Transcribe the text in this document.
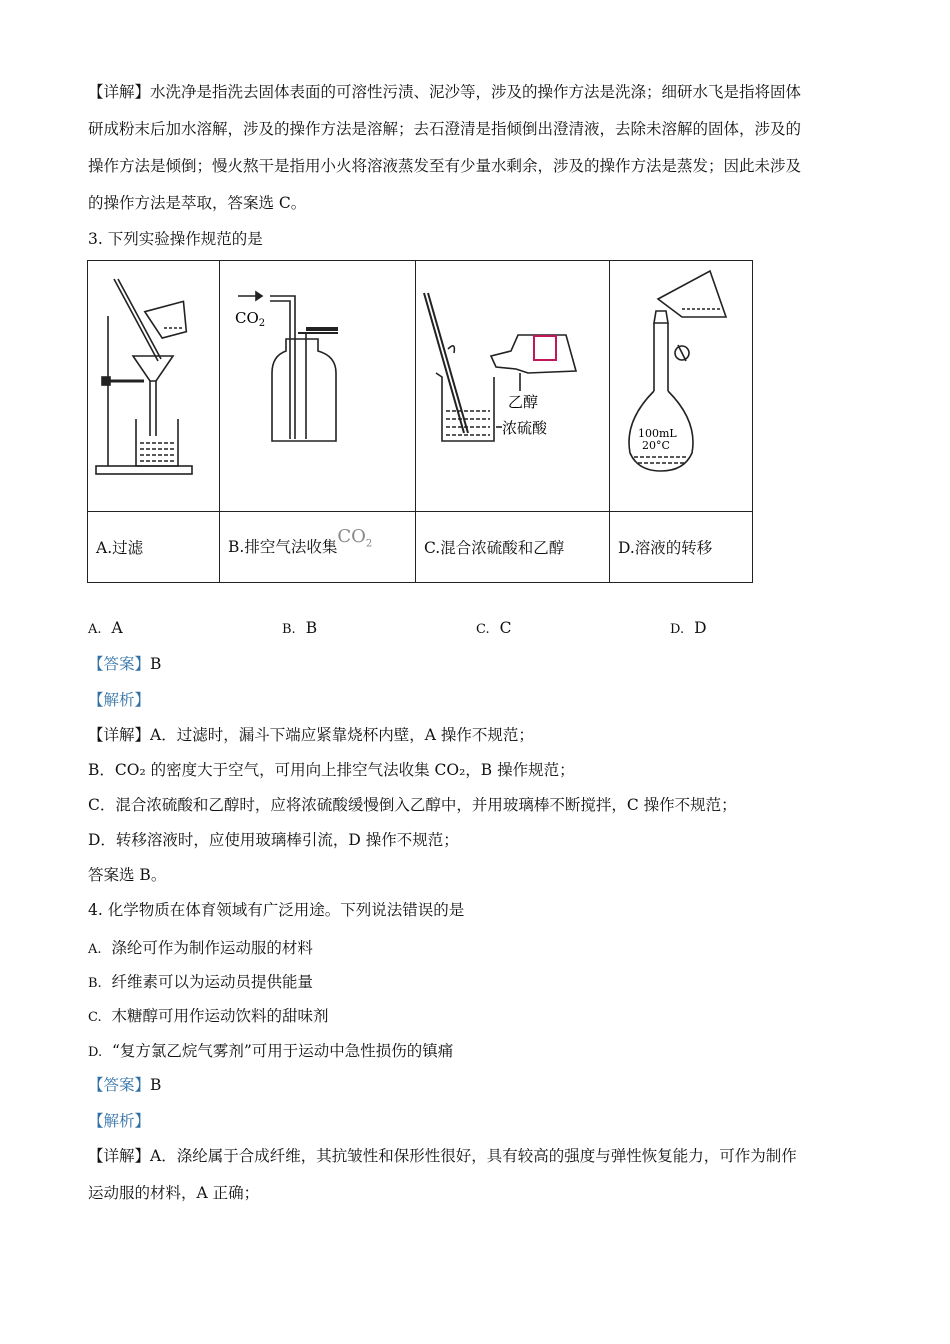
【详解】水洗净是指洗去固体表面的可溶性污渍、泥沙等，涉及的操作方法是洗涤；细研水飞是指将固体
研成粉末后加水溶解，涉及的操作方法是溶解；去石澄清是指倾倒出澄清液，去除未溶解的固体，涉及的
操作方法是倾倒；慢火熬干是指用小火将溶液蒸发至有少量水剩余，涉及的操作方法是蒸发；因此未涉及
的操作方法是萃取，答案选 C。
3. 下列实验操作规范的是

$CO_2$	乙醇
浓硫酸	100mL
20°C

A.过滤	B.排空气法收集$CO_2$	C.混合浓硫酸和乙醇	D.溶液的转移
A. A	B. B	C. C	D. D
【答案】B
【解析】
【详解】A．过滤时，漏斗下端应紧靠烧杯内壁，A 操作不规范；
B．CO₂ 的密度大于空气，可用向上排空气法收集 CO₂，B 操作规范；
C．混合浓硫酸和乙醇时，应将浓硫酸缓慢倒入乙醇中，并用玻璃棒不断搅拌，C 操作不规范；
D．转移溶液时，应使用玻璃棒引流，D 操作不规范；
答案选 B。
4. 化学物质在体育领域有广泛用途。下列说法错误的是
A. 涤纶可作为制作运动服的材料
B. 纤维素可以为运动员提供能量
C. 木糖醇可用作运动饮料的甜味剂
D. “复方氯乙烷气雾剂”可用于运动中急性损伤的镇痛
【答案】B
【解析】
【详解】A．涤纶属于合成纤维，其抗皱性和保形性很好，具有较高的强度与弹性恢复能力，可作为制作
运动服的材料，A 正确；
